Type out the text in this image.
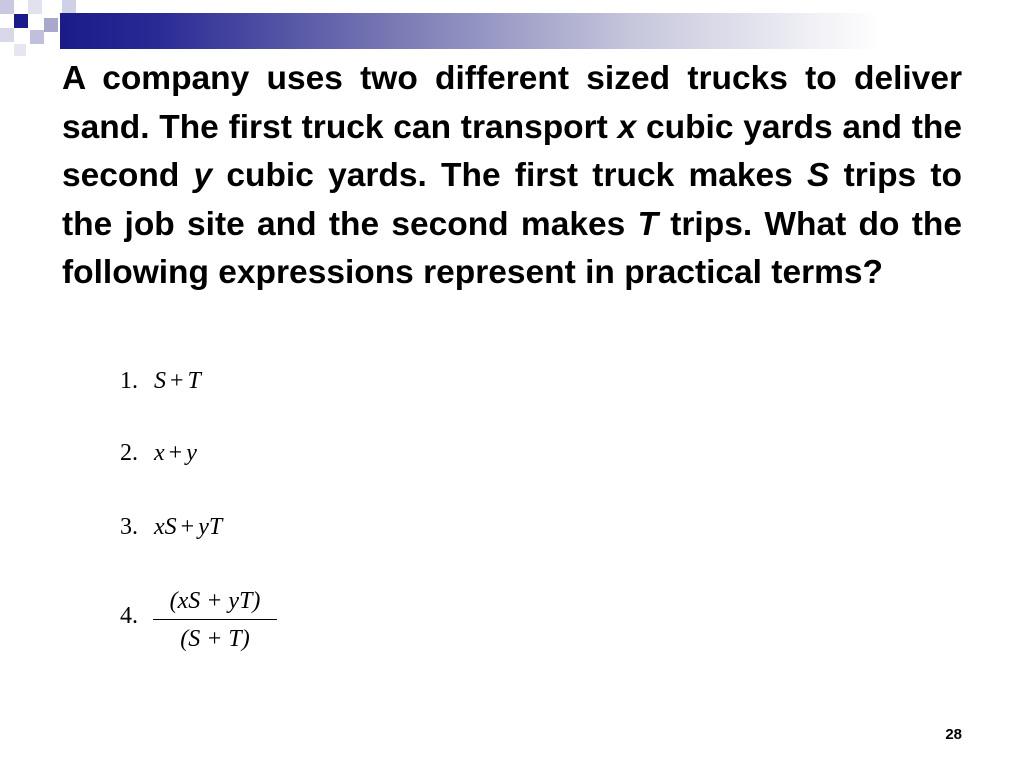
A company uses two different sized trucks to deliver sand. The first truck can transport x cubic yards and the second y cubic yards. The first truck makes S trips to the job site and the second makes T trips. What do the following expressions represent in practical terms?

1. S + T
2. x + y
3. xS + yT
4.
(xS + yT)
(S + T)
28
